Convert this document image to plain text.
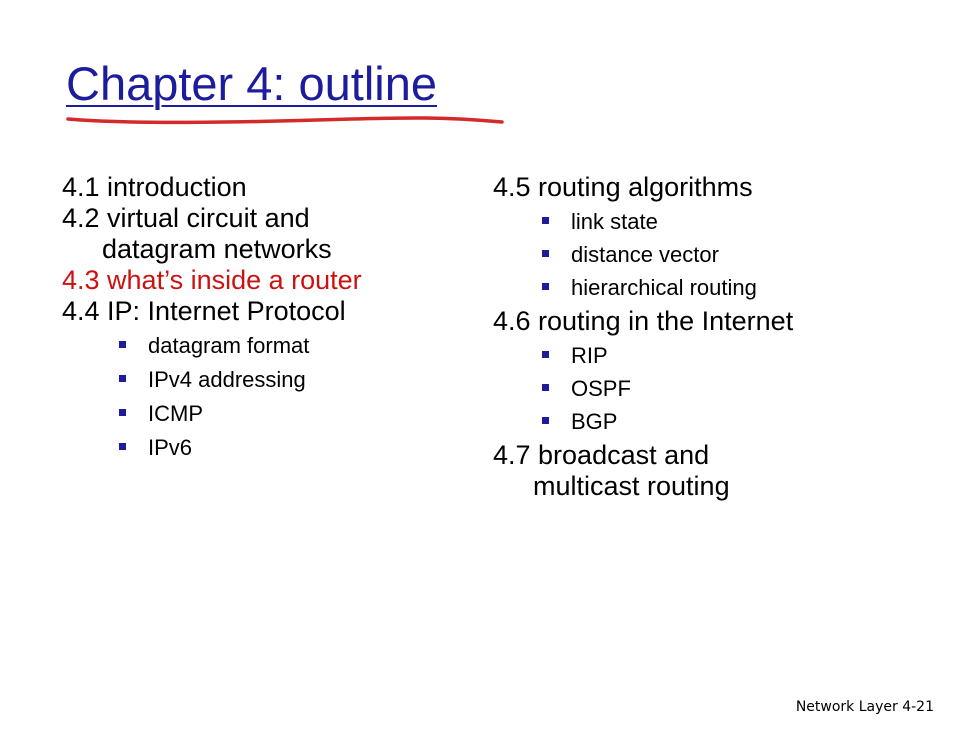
Chapter 4: outline
4.1 introduction
4.2 virtual circuit and
datagram networks
4.3 what’s inside a router
4.4 IP: Internet Protocol
datagram format
IPv4 addressing
ICMP
IPv6
4.5 routing algorithms
link state
distance vector
hierarchical routing
4.6 routing in the Internet
RIP
OSPF
BGP
4.7 broadcast and
multicast routing
Network Layer 4-21
